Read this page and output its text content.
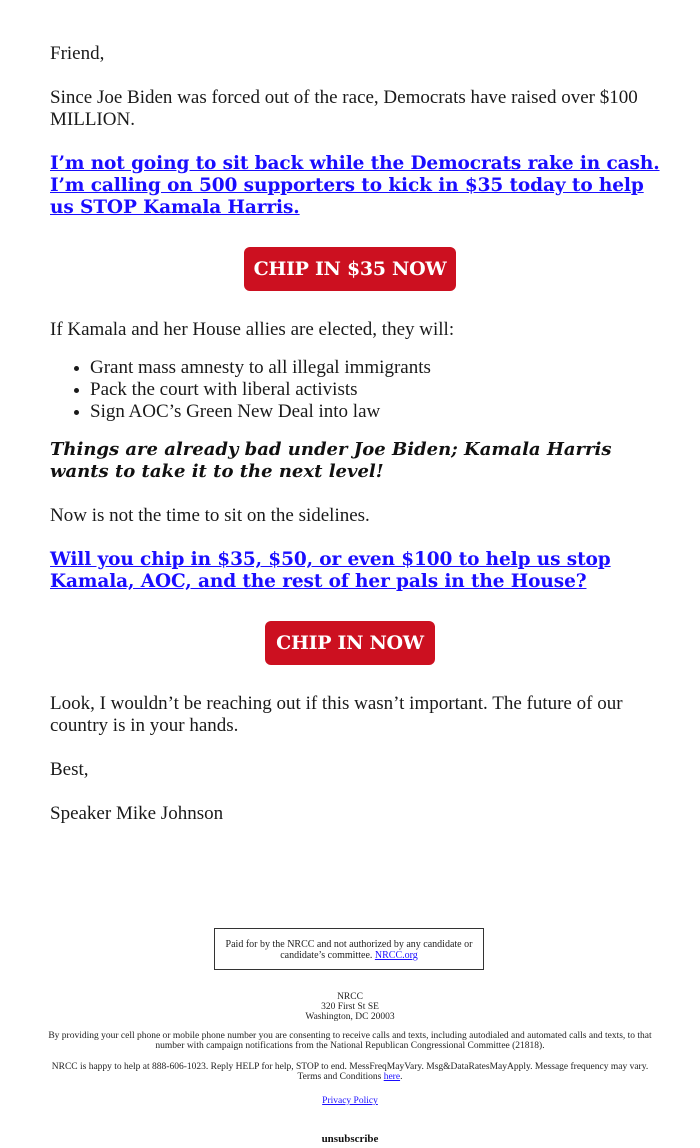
Friend,

Since Joe Biden was forced out of the race, Democrats have raised over $100 MILLION.

I’m not going to sit back while the Democrats rake in cash. I’m calling on 500 supporters to kick in $35 today to help us STOP Kamala Harris.
CHIP IN $35 NOW

If Kamala and her House allies are elected, they will:

Grant mass amnesty to all illegal immigrants
Pack the court with liberal activists
Sign AOC’s Green New Deal into law

Things are already bad under Joe Biden; Kamala Harris wants to take it to the next level!

Now is not the time to sit on the sidelines.

Will you chip in $35, $50, or even $100 to help us stop Kamala, AOC, and the rest of her pals in the House?
CHIP IN NOW

Look, I wouldn’t be reaching out if this wasn’t important. The future of our country is in your hands.

Best,

Speaker Mike Johnson

Paid for by the NRCC and not authorized by any candidate or candidate’s committee. NRCC.org
NRCC
320 First St SE
Washington, DC 20003
By providing your cell phone or mobile phone number you are consenting to receive calls and texts, including autodialed and automated calls and texts, to that number with campaign notifications from the National Republican Congressional Committee (21818).
NRCC is happy to help at 888-606-1023. Reply HELP for help, STOP to end. MessFreqMayVary. Msg&DataRatesMayApply. Message frequency may vary. Terms and Conditions here.
Privacy Policy
unsubscribe
